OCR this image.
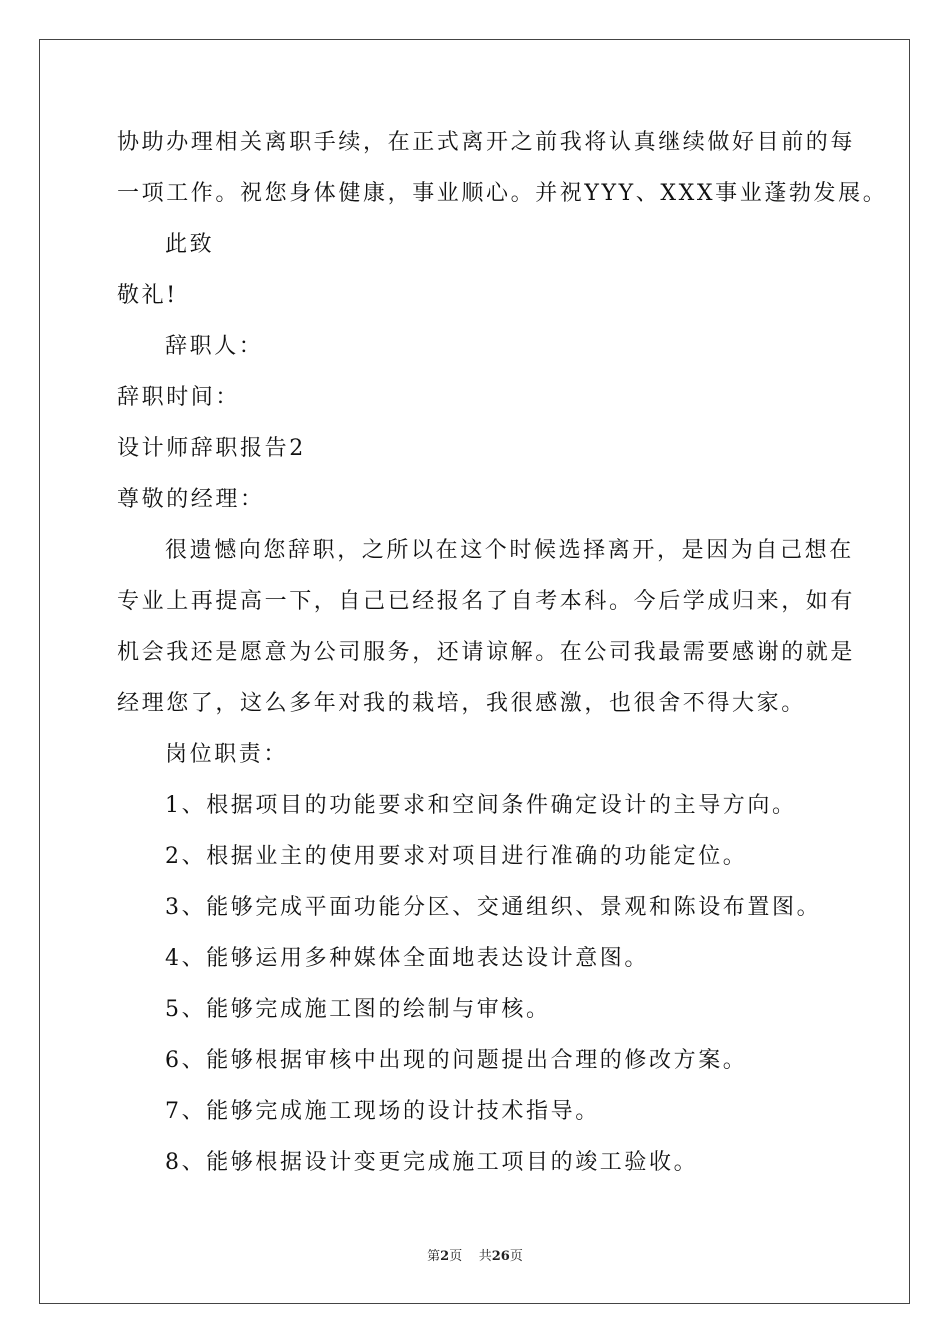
协助办理相关离职手续，在正式离开之前我将认真继续做好目前的每
一项工作。祝您身体健康，事业顺心。并祝YYY、XXX事业蓬勃发展。
此致
敬礼!
辞职人：
辞职时间：
设计师辞职报告2
尊敬的经理：
很遗憾向您辞职，之所以在这个时候选择离开，是因为自己想在
专业上再提高一下，自己已经报名了自考本科。今后学成归来，如有
机会我还是愿意为公司服务，还请谅解。在公司我最需要感谢的就是
经理您了，这么多年对我的栽培，我很感激，也很舍不得大家。
岗位职责：
1、根据项目的功能要求和空间条件确定设计的主导方向。
2、根据业主的使用要求对项目进行准确的功能定位。
3、能够完成平面功能分区、交通组织、景观和陈设布置图。
4、能够运用多种媒体全面地表达设计意图。
5、能够完成施工图的绘制与审核。
6、能够根据审核中出现的问题提出合理的修改方案。
7、能够完成施工现场的设计技术指导。
8、能够根据设计变更完成施工项目的竣工验收。
第2页 共26页
